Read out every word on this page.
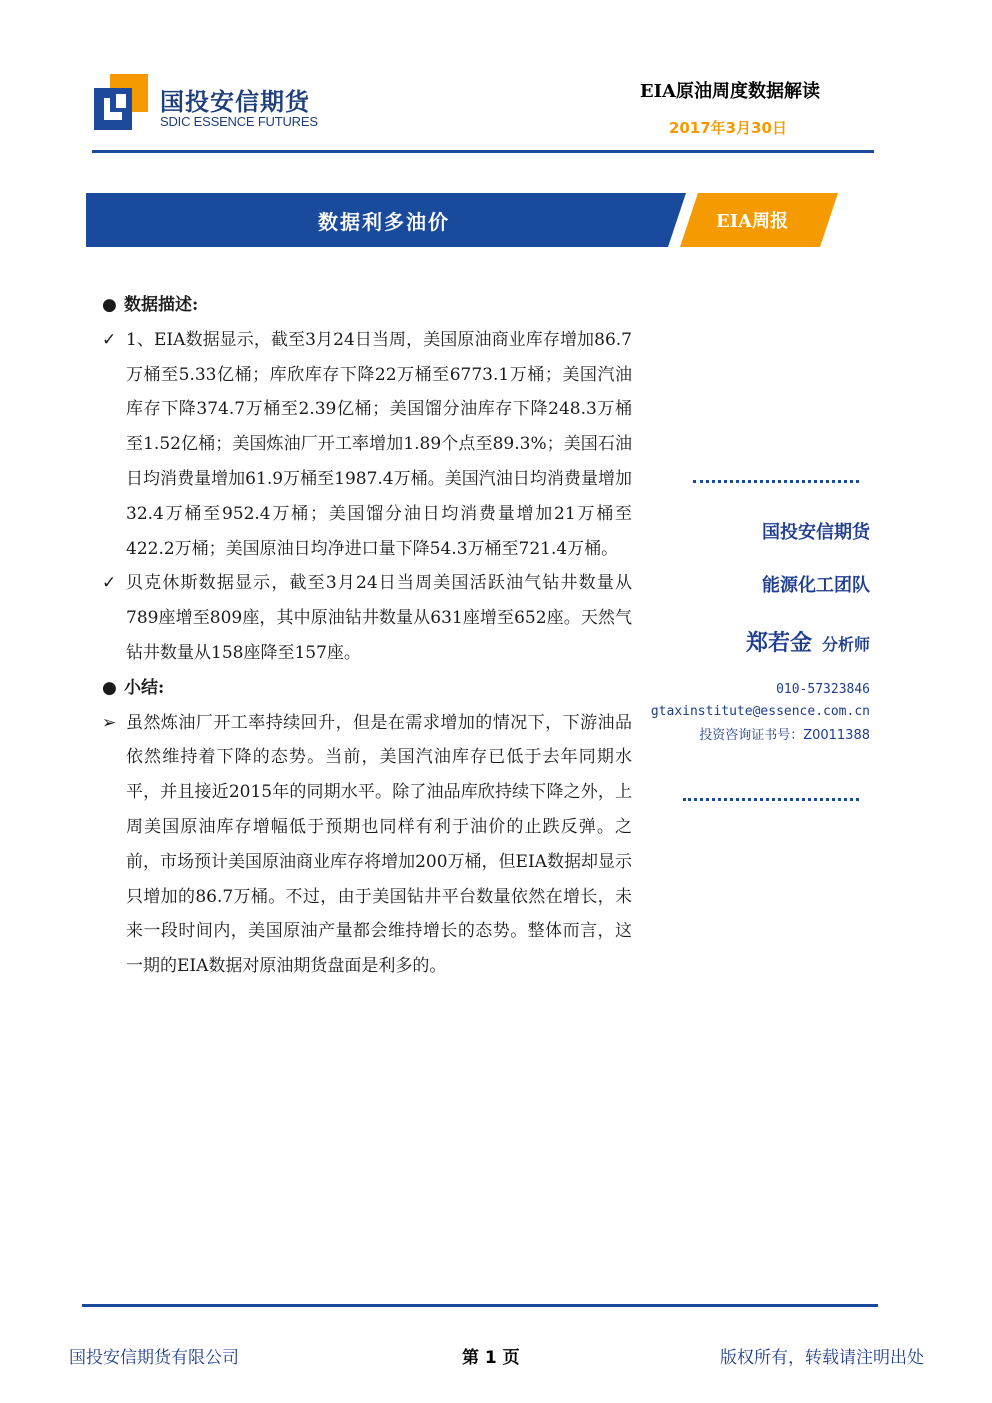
国投安信期货
SDIC ESSENCE FUTURES
EIA原油周度数据解读
2017年3月30日
数据利多油价	EIA周报
● 数据描述:
✓ 1、EIA数据显示，截至3月24日当周，美国原油商业库存增加86.7万桶至5.33亿桶；库欣库存下降22万桶至6773.1万桶；美国汽油库存下降374.7万桶至2.39亿桶；美国馏分油库存下降248.3万桶至1.52亿桶；美国炼油厂开工率增加1.89个点至89.3%；美国石油日均消费量增加61.9万桶至1987.4万桶。美国汽油日均消费量增加32.4万桶至952.4万桶；美国馏分油日均消费量增加21万桶至422.2万桶；美国原油日均净进口量下降54.3万桶至721.4万桶。
✓ 贝克休斯数据显示，截至3月24日当周美国活跃油气钻井数量从789座增至809座，其中原油钻井数量从631座增至652座。天然气钻井数量从158座降至157座。
● 小结:
➢ 虽然炼油厂开工率持续回升，但是在需求增加的情况下，下游油品依然维持着下降的态势。当前，美国汽油库存已低于去年同期水平，并且接近2015年的同期水平。除了油品库欣持续下降之外，上周美国原油库存增幅低于预期也同样有利于油价的止跌反弹。之前，市场预计美国原油商业库存将增加200万桶，但EIA数据却显示只增加的86.7万桶。不过，由于美国钻井平台数量依然在增长，未来一段时间内，美国原油产量都会维持增长的态势。整体而言，这一期的EIA数据对原油期货盘面是利多的。
国投安信期货
能源化工团队
郑若金 分析师
010-57323846
gtaxinstitute@essence.com.cn
投资咨询证书号：Z0011388
国投安信期货有限公司	第 1 页	版权所有，转载请注明出处
